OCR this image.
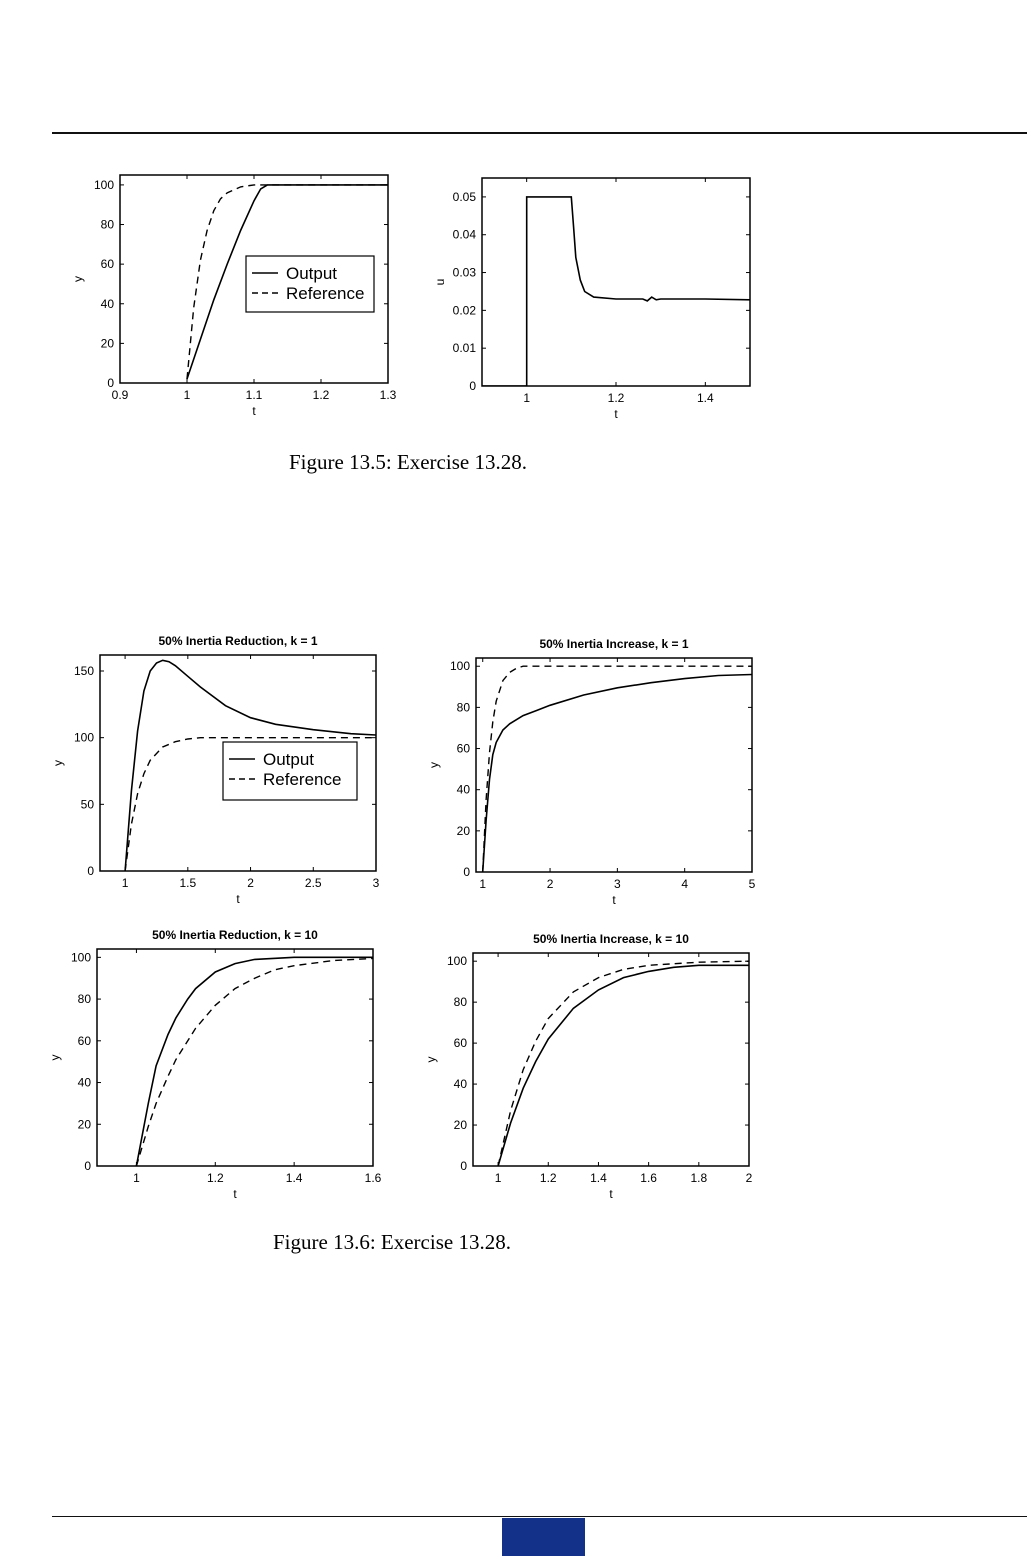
0.9	1	1.1	1.2	1.3
0
20
40
60
80
100
t
y	Output
Reference
1	1.2	1.4
0
0.01
0.02
0.03
0.04
0.05
t
u
Figure 13.5: Exercise 13.28.
50% Inertia Reduction, k = 1
1	1.5	2	2.5	3
0
50
100
150
t
y	Output
Reference
50% Inertia Increase, k = 1
1	2	3	4	5
0
20
40
60
80
100
t
y
50% Inertia Reduction, k = 10
1	1.2	1.4	1.6
0
20
40
60
80
100
t
y
50% Inertia Increase, k = 10
1	1.2	1.4	1.6	1.8	2
0
20
40
60
80
100
t
y
Figure 13.6: Exercise 13.28.
